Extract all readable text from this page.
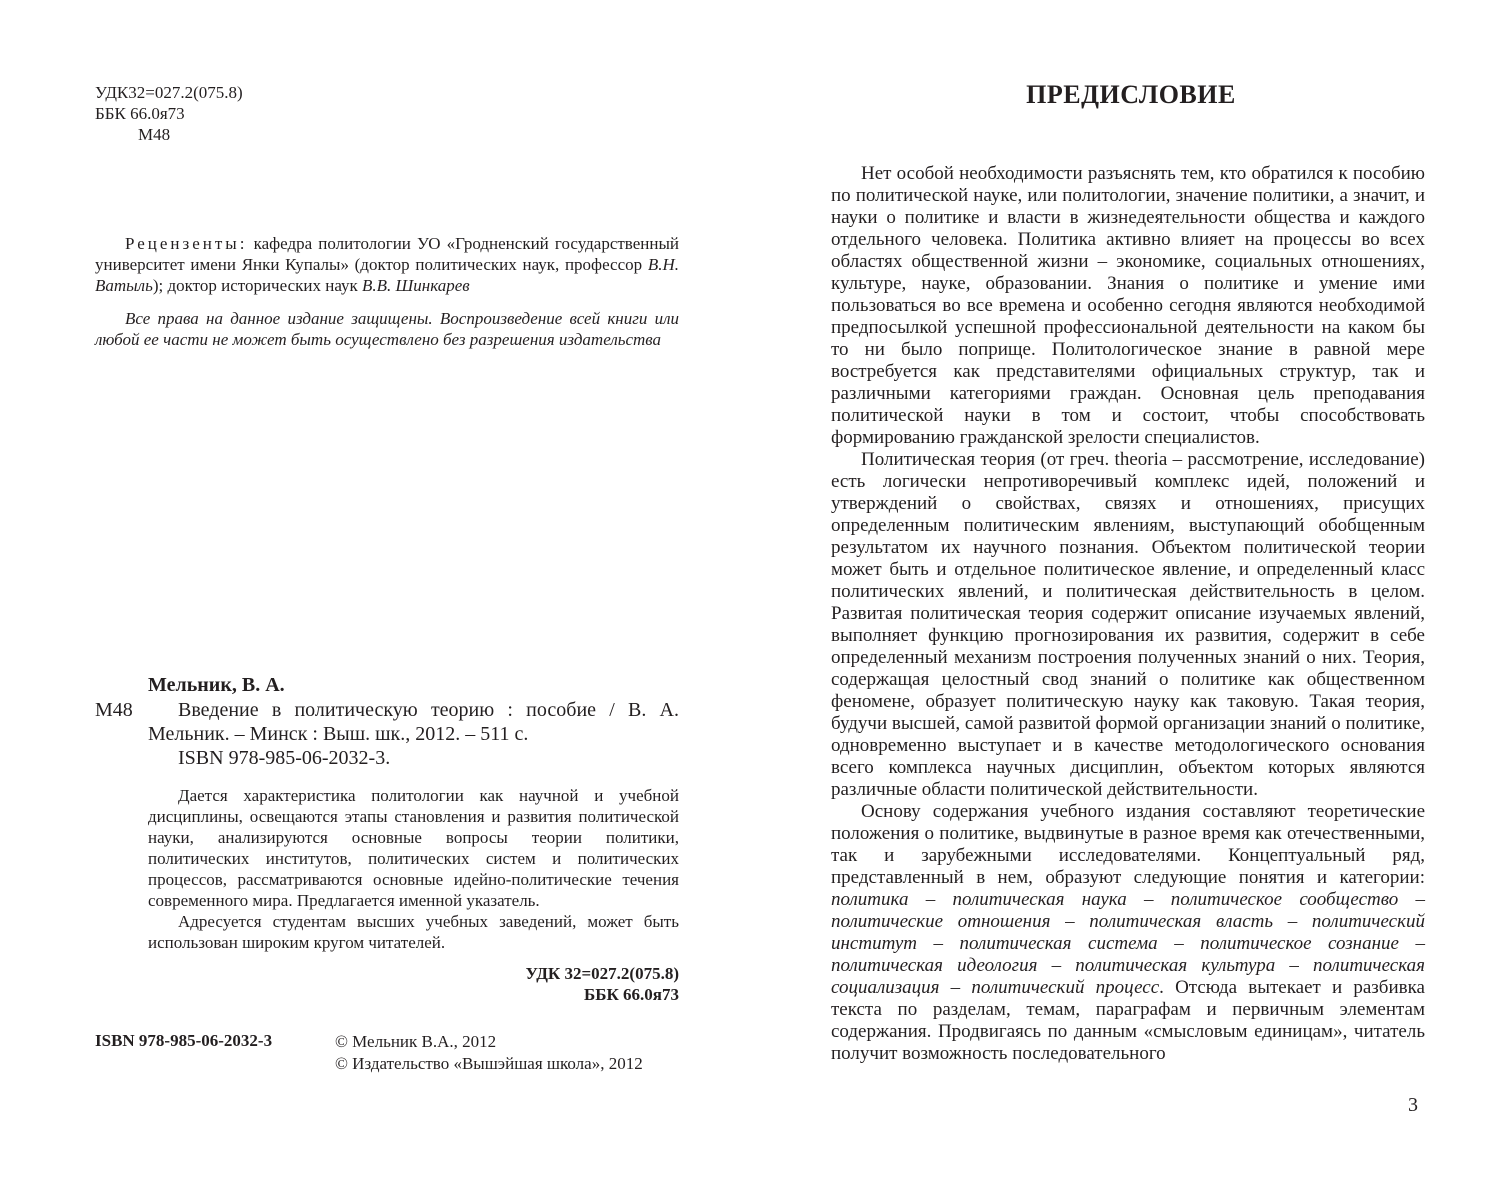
УДК32=027.2(075.8)
ББК 66.0я73
М48
Рецензенты: кафедра политологии УО «Гродненский государственный университет имени Янки Купалы» (доктор политических наук, профессор В.Н. Ватыль); доктор исторических наук В.В. Шинкарев
Все права на данное издание защищены. Воспроизведение всей книги или любой ее части не может быть осуществлено без разрешения издательства
Мельник, В. А.
М48	Введение в политическую теорию : пособие / В. А. Мельник. – Минск : Выш. шк., 2012. – 511 с.
ISBN 978-985-06-2032-3.

Дается характеристика политологии как научной и учебной дисциплины, освещаются этапы становления и развития политической науки, анализируются основные вопросы теории политики, политических институтов, политических систем и политических процессов, рассматриваются основные идейно-политические течения современного мира. Предлагается именной указатель.

Адресуется студентам высших учебных заведений, может быть использован широким кругом читателей.

УДК 32=027.2(075.8)
ББК 66.0я73
ISBN 978-985-06-2032-3	© Мельник В.А., 2012
© Издательство «Вышэйшая школа», 2012
ПРЕДИСЛОВИЕ

Нет особой необходимости разъяснять тем, кто обратился к пособию по политической науке, или политологии, значение политики, а значит, и науки о политике и власти в жизнедеятельности общества и каждого отдельного человека. Политика активно влияет на процессы во всех областях общественной жизни – экономике, социальных отношениях, культуре, науке, образовании. Знания о политике и умение ими пользоваться во все времена и особенно сегодня являются необходимой предпосылкой успешной профессиональной деятельности на каком бы то ни было поприще. Политологическое знание в равной мере востребуется как представителями официальных структур, так и различными категориями граждан. Основная цель преподавания политической науки в том и состоит, чтобы способствовать формированию гражданской зрелости специалистов.

Политическая теория (от греч. theoria – рассмотрение, исследование) есть логически непротиворечивый комплекс идей, положений и утверждений о свойствах, связях и отношениях, присущих определенным политическим явлениям, выступающий обобщенным результатом их научного познания. Объектом политической теории может быть и отдельное политическое явление, и определенный класс политических явлений, и политическая действительность в целом. Развитая политическая теория содержит описание изучаемых явлений, выполняет функцию прогнозирования их развития, содержит в себе определенный механизм построения полученных знаний о них. Теория, содержащая целостный свод знаний о политике как общественном феномене, образует политическую науку как таковую. Такая теория, будучи высшей, самой развитой формой организации знаний о политике, одновременно выступает и в качестве методологического основания всего комплекса научных дисциплин, объектом которых являются различные области политической действительности.

Основу содержания учебного издания составляют теоретические положения о политике, выдвинутые в разное время как отечественными, так и зарубежными исследователями. Концептуальный ряд, представленный в нем, образуют следующие понятия и категории: политика – политическая наука – политическое сообщество – политические отношения – политическая власть – политический институт – политическая система – политическое сознание – политическая идеология – политическая культура – политическая социализация – политический процесс. Отсюда вытекает и разбивка текста по разделам, темам, параграфам и первичным элементам содержания. Продвигаясь по данным «смысловым единицам», читатель получит возможность последовательного

3
